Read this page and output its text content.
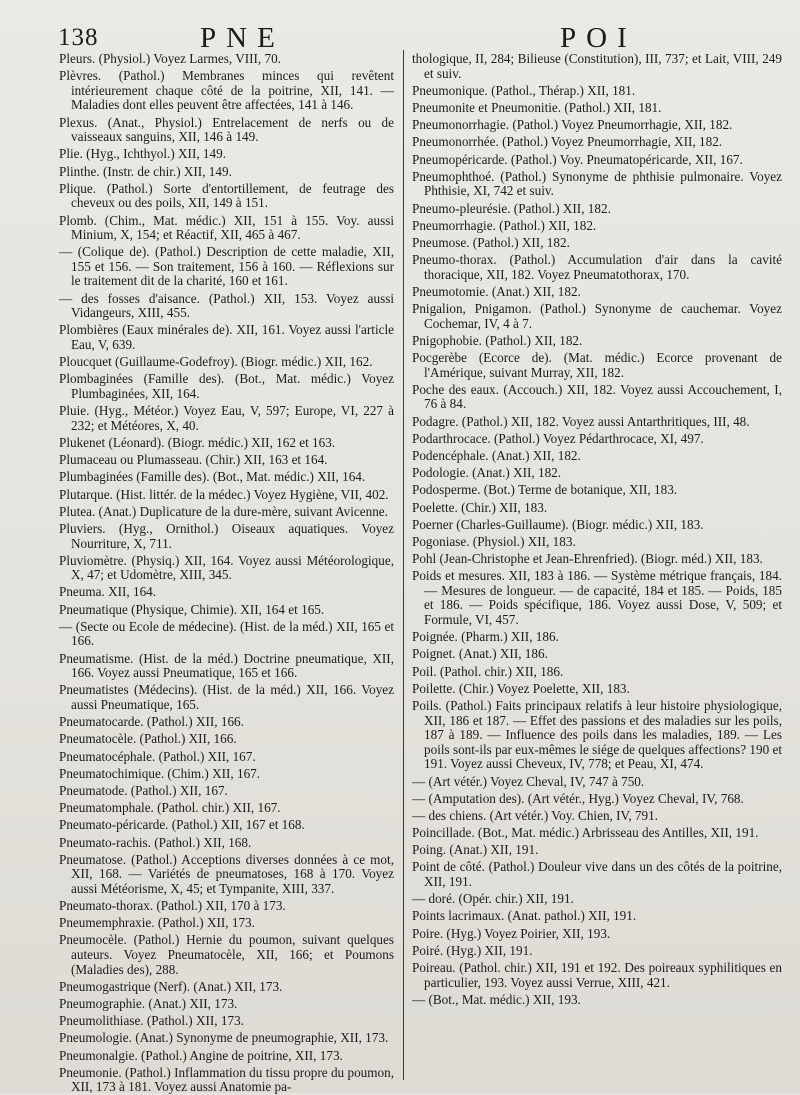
138	PNE	POI

Pleurs. (Physiol.) Voyez Larmes, VIII, 70.

Plèvres. (Pathol.) Membranes minces qui revêtent intérieurement chaque côté de la poitrine, XII, 141. — Maladies dont elles peuvent être affectées, 141 à 146.

Plexus. (Anat., Physiol.) Entrelacement de nerfs ou de vaisseaux sanguins, XII, 146 à 149.

Plie. (Hyg., Ichthyol.) XII, 149.

Plinthe. (Instr. de chir.) XII, 149.

Plique. (Pathol.) Sorte d'entortillement, de feutrage des cheveux ou des poils, XII, 149 à 151.

Plomb. (Chim., Mat. médic.) XII, 151 à 155. Voy. aussi Minium, X, 154; et Réactif, XII, 465 à 467.

— (Colique de). (Pathol.) Description de cette maladie, XII, 155 et 156. — Son traitement, 156 à 160. — Réflexions sur le traitement dit de la charité, 160 et 161.

— des fosses d'aisance. (Pathol.) XII, 153. Voyez aussi Vidangeurs, XIII, 455.

Plombières (Eaux minérales de). XII, 161. Voyez aussi l'article Eau, V, 639.

Ploucquet (Guillaume-Godefroy). (Biogr. médic.) XII, 162.

Plombaginées (Famille des). (Bot., Mat. médic.) Voyez Plumbaginées, XII, 164.

Pluie. (Hyg., Météor.) Voyez Eau, V, 597; Europe, VI, 227 à 232; et Météores, X, 40.

Plukenet (Léonard). (Biogr. médic.) XII, 162 et 163.

Plumaceau ou Plumasseau. (Chir.) XII, 163 et 164.

Plumbaginées (Famille des). (Bot., Mat. médic.) XII, 164.

Plutarque. (Hist. littér. de la médec.) Voyez Hygiène, VII, 402.

Plutea. (Anat.) Duplicature de la dure-mère, suivant Avicenne.

Pluviers. (Hyg., Ornithol.) Oiseaux aquatiques. Voyez Nourriture, X, 711.

Pluviomètre. (Physiq.) XII, 164. Voyez aussi Météorologique, X, 47; et Udomètre, XIII, 345.

Pneuma. XII, 164.

Pneumatique (Physique, Chimie). XII, 164 et 165.

— (Secte ou Ecole de médecine). (Hist. de la méd.) XII, 165 et 166.

Pneumatisme. (Hist. de la méd.) Doctrine pneumatique, XII, 166. Voyez aussi Pneumatique, 165 et 166.

Pneumatistes (Médecins). (Hist. de la méd.) XII, 166. Voyez aussi Pneumatique, 165.

Pneumatocarde. (Pathol.) XII, 166.

Pneumatocèle. (Pathol.) XII, 166.

Pneumatocéphale. (Pathol.) XII, 167.

Pneumatochimique. (Chim.) XII, 167.

Pneumatode. (Pathol.) XII, 167.

Pneumatomphale. (Pathol. chir.) XII, 167.

Pneumato-péricarde. (Pathol.) XII, 167 et 168.

Pneumato-rachis. (Pathol.) XII, 168.

Pneumatose. (Pathol.) Acceptions diverses données à ce mot, XII, 168. — Variétés de pneumatoses, 168 à 170. Voyez aussi Météorisme, X, 45; et Tympanite, XIII, 337.

Pneumato-thorax. (Pathol.) XII, 170 à 173.

Pneumemphraxie. (Pathol.) XII, 173.

Pneumocèle. (Pathol.) Hernie du poumon, suivant quelques auteurs. Voyez Pneumatocèle, XII, 166; et Poumons (Maladies des), 288.

Pneumogastrique (Nerf). (Anat.) XII, 173.

Pneumographie. (Anat.) XII, 173.

Pneumolithiase. (Pathol.) XII, 173.

Pneumologie. (Anat.) Synonyme de pneumographie, XII, 173.

Pneumonalgie. (Pathol.) Angine de poitrine, XII, 173.

Pneumonie. (Pathol.) Inflammation du tissu propre du poumon, XII, 173 à 181. Voyez aussi Anatomie pa-

thologique, II, 284; Bilieuse (Constitution), III, 737; et Lait, VIII, 249 et suiv.

Pneumonique. (Pathol., Thérap.) XII, 181.

Pneumonite et Pneumonitie. (Pathol.) XII, 181.

Pneumonorrhagie. (Pathol.) Voyez Pneumorrhagie, XII, 182.

Pneumonorrhée. (Pathol.) Voyez Pneumorrhagie, XII, 182.

Pneumopéricarde. (Pathol.) Voy. Pneumatopéricarde, XII, 167.

Pneumophthoé. (Pathol.) Synonyme de phthisie pulmonaire. Voyez Phthisie, XI, 742 et suiv.

Pneumo-pleurésie. (Pathol.) XII, 182.

Pneumorrhagie. (Pathol.) XII, 182.

Pneumose. (Pathol.) XII, 182.

Pneumo-thorax. (Pathol.) Accumulation d'air dans la cavité thoracique, XII, 182. Voyez Pneumatothorax, 170.

Pneumotomie. (Anat.) XII, 182.

Pnigalion, Pnigamon. (Pathol.) Synonyme de cauchemar. Voyez Cochemar, IV, 4 à 7.

Pnigophobie. (Pathol.) XII, 182.

Pocgerèbe (Ecorce de). (Mat. médic.) Ecorce provenant de l'Amérique, suivant Murray, XII, 182.

Poche des eaux. (Accouch.) XII, 182. Voyez aussi Accouchement, I, 76 à 84.

Podagre. (Pathol.) XII, 182. Voyez aussi Antarthritiques, III, 48.

Podarthrocace. (Pathol.) Voyez Pédarthrocace, XI, 497.

Podencéphale. (Anat.) XII, 182.

Podologie. (Anat.) XII, 182.

Podosperme. (Bot.) Terme de botanique, XII, 183.

Poelette. (Chir.) XII, 183.

Poerner (Charles-Guillaume). (Biogr. médic.) XII, 183.

Pogoniase. (Physiol.) XII, 183.

Pohl (Jean-Christophe et Jean-Ehrenfried). (Biogr. méd.) XII, 183.

Poids et mesures. XII, 183 à 186. — Système métrique français, 184. — Mesures de longueur. — de capacité, 184 et 185. — Poids, 185 et 186. — Poids spécifique, 186. Voyez aussi Dose, V, 509; et Formule, VI, 457.

Poignée. (Pharm.) XII, 186.

Poignet. (Anat.) XII, 186.

Poil. (Pathol. chir.) XII, 186.

Poilette. (Chir.) Voyez Poelette, XII, 183.

Poils. (Pathol.) Faits principaux relatifs à leur histoire physiologique, XII, 186 et 187. — Effet des passions et des maladies sur les poils, 187 à 189. — Influence des poils dans les maladies, 189. — Les poils sont-ils par eux-mêmes le siége de quelques affections? 190 et 191. Voyez aussi Cheveux, IV, 778; et Peau, XI, 474.

— (Art vétér.) Voyez Cheval, IV, 747 à 750.

— (Amputation des). (Art vétér., Hyg.) Voyez Cheval, IV, 768.

— des chiens. (Art vétér.) Voy. Chien, IV, 791.

Poincillade. (Bot., Mat. médic.) Arbrisseau des Antilles, XII, 191.

Poing. (Anat.) XII, 191.

Point de côté. (Pathol.) Douleur vive dans un des côtés de la poitrine, XII, 191.

— doré. (Opér. chir.) XII, 191.

Points lacrimaux. (Anat. pathol.) XII, 191.

Poire. (Hyg.) Voyez Poirier, XII, 193.

Poiré. (Hyg.) XII, 191.

Poireau. (Pathol. chir.) XII, 191 et 192. Des poireaux syphilitiques en particulier, 193. Voyez aussi Verrue, XIII, 421.

— (Bot., Mat. médic.) XII, 193.
